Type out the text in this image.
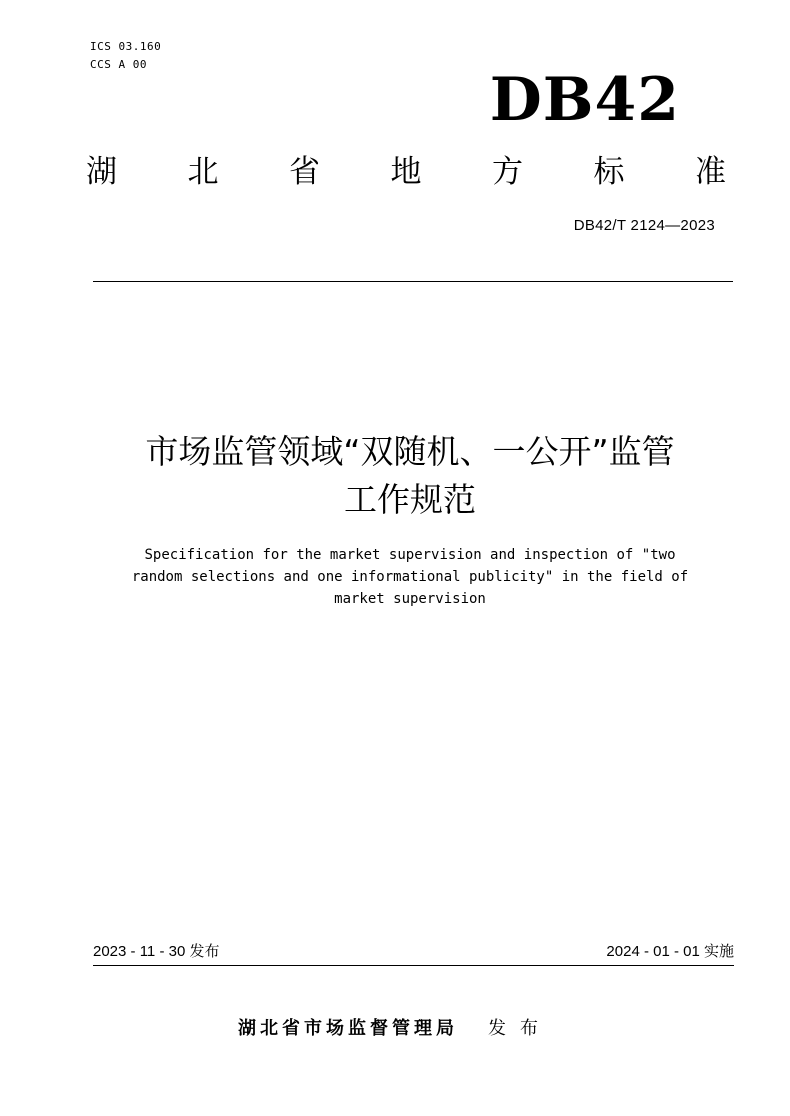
ICS 03.160
CCS A 00
DB42
湖 北 省 地 方 标 准
DB42/T 2124—2023
市场监管领域“双随机、一公开”监管
工作规范
Specification for the market supervision and inspection of "two
random selections and one informational publicity" in the field of
market supervision
2023 - 11 - 30 发布	2024 - 01 - 01 实施
湖北省市场监督管理局 发布
